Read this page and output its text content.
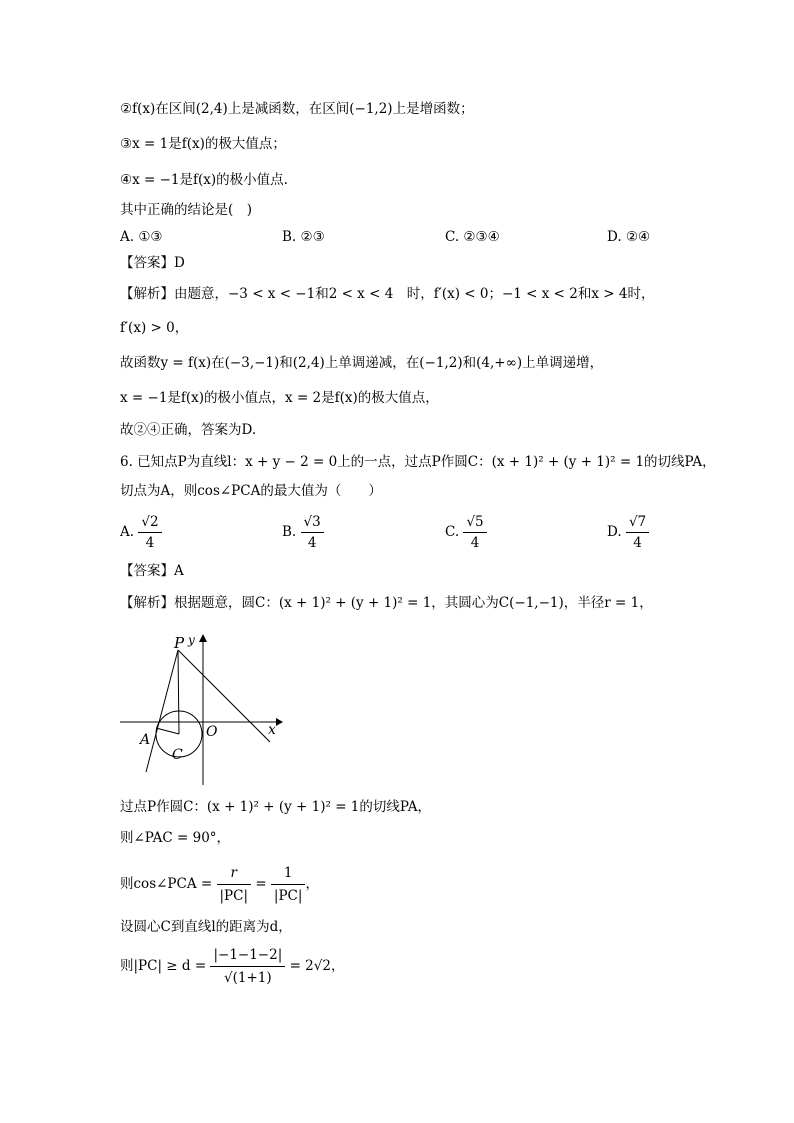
②f(x)在区间(2,4)上是减函数，在区间(−1,2)上是增函数；
③x = 1是f(x)的极大值点；
④x = −1是f(x)的极小值点.
其中正确的结论是(　)
A. ①③	B. ②③	C. ②③④	D. ②④
【答案】D
【解析】由题意，−3 < x < −1和2 < x < 4　时，f′(x) < 0；−1 < x < 2和x > 4时，
f′(x) > 0，
故函数y = f(x)在(−3,−1)和(2,4)上单调递减，在(−1,2)和(4,+∞)上单调递增，
x = −1是f(x)的极小值点，x = 2是f(x)的极大值点，
故②④正确，答案为D.
6. 已知点P为直线l：x + y − 2 = 0上的一点，过点P作圆C：(x + 1)² + (y + 1)² = 1的切线PA，
切点为A，则cos∠PCA的最大值为（　　）
A. $\frac{√2}{4}$	B. $\frac{√3}{4}$	C. $\frac{√5}{4}$	D. $\frac{√7}{4}$
【答案】A
【解析】根据题意，圆C：(x + 1)² + (y + 1)² = 1，其圆心为C(−1,−1)，半径r = 1，
P y
x
O
A
C
过点P作圆C：(x + 1)² + (y + 1)² = 1的切线PA，
则∠PAC = 90°，
则cos∠PCA = $\frac{r}{|PC|} = \frac{1}{|PC|}$ ，
设圆心C到直线l的距离为d，
则$|PC| \ge d = \frac{|-1-1-2|}{√(1+1)} = 2√2$，
